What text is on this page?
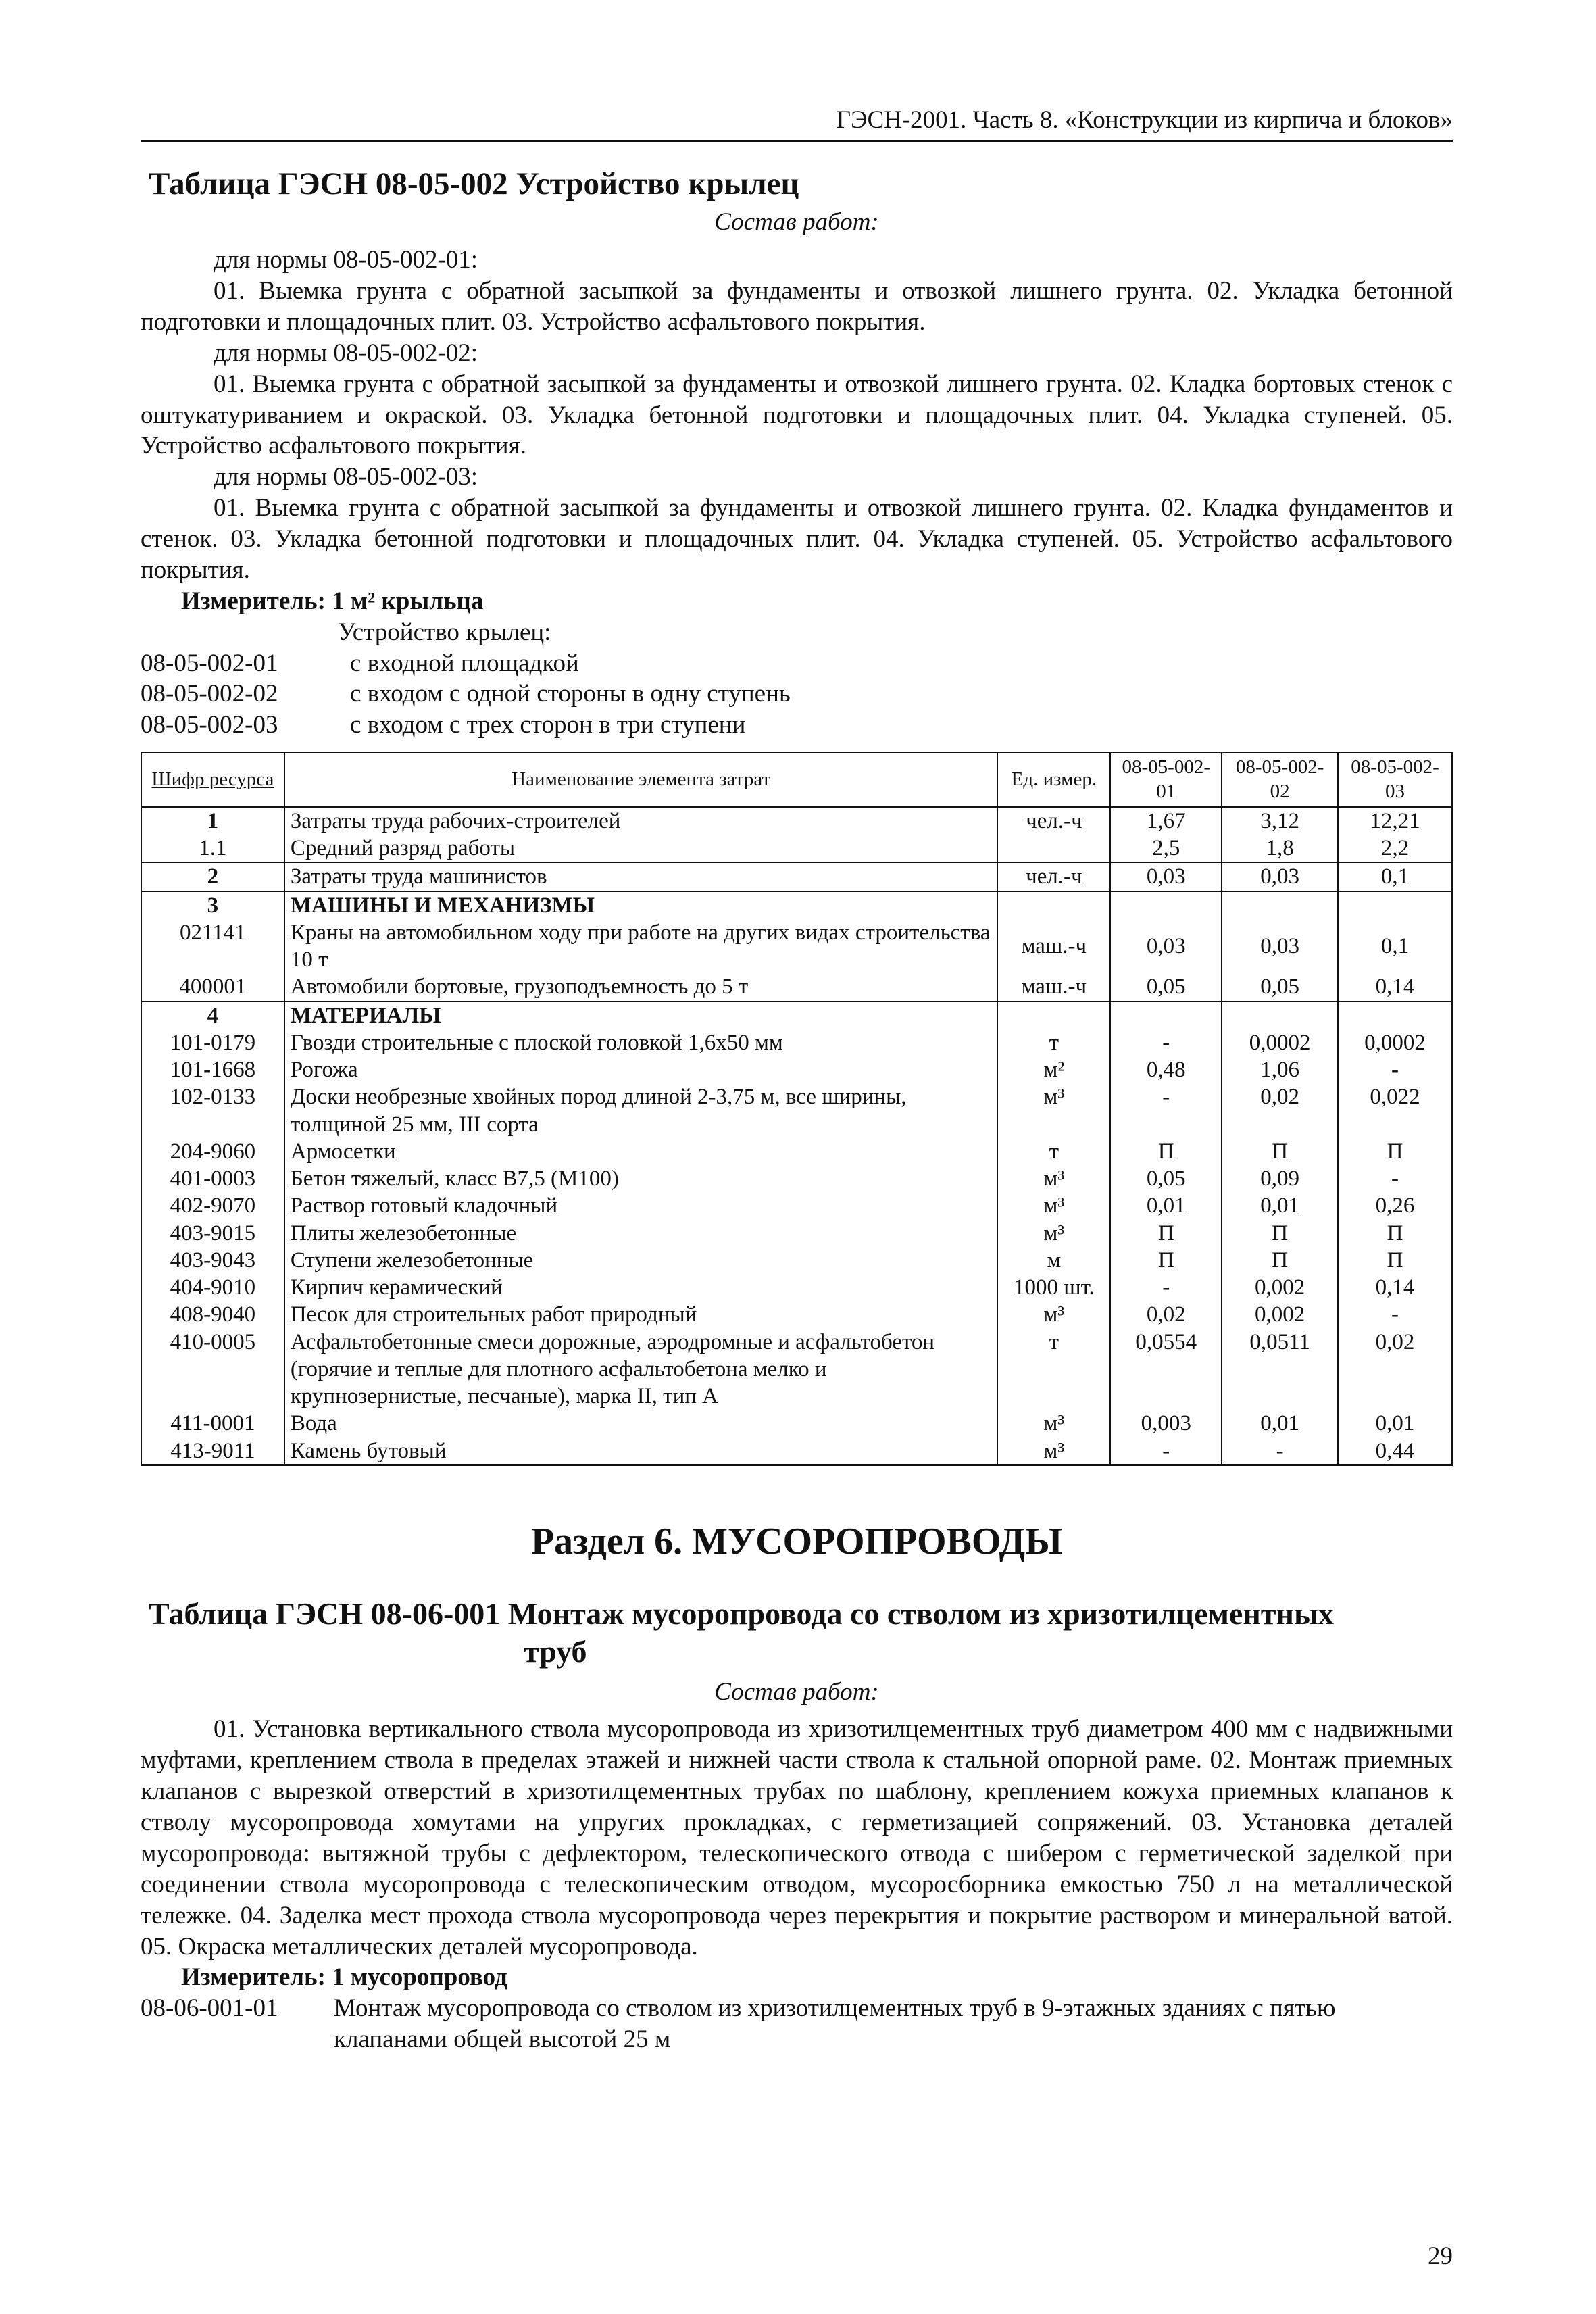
ГЭСН-2001. Часть 8. «Конструкции из кирпича и блоков»
Таблица ГЭСН 08-05-002 Устройство крылец
Состав работ:

для нормы 08-05-002-01:

01. Выемка грунта с обратной засыпкой за фундаменты и отвозкой лишнего грунта. 02. Укладка бетонной подготовки и площадочных плит. 03. Устройство асфальтового покрытия.

для нормы 08-05-002-02:

01. Выемка грунта с обратной засыпкой за фундаменты и отвозкой лишнего грунта. 02. Кладка бортовых стенок с оштукатуриванием и окраской. 03. Укладка бетонной подготовки и площадочных плит. 04. Укладка ступеней. 05. Устройство асфальтового покрытия.

для нормы 08-05-002-03:

01. Выемка грунта с обратной засыпкой за фундаменты и отвозкой лишнего грунта. 02. Кладка фундаментов и стенок. 03. Укладка бетонной подготовки и площадочных плит. 04. Укладка ступеней. 05. Устройство асфальтового покрытия.

Измеритель: 1 м² крыльца

Устройство крылец:

08-05-002-01	с входной площадкой
08-05-002-02	с входом с одной стороны в одну ступень
08-05-002-03	с входом с трех сторон в три ступени
Шифр ресурса	Наименование элемента затрат	Ед. измер.	08-05-002-01	08-05-002-02	08-05-002-03
1	Затраты труда рабочих-строителей	чел.-ч	1,67	3,12	12,21
1.1	Средний разряд работы		2,5	1,8	2,2
2	Затраты труда машинистов	чел.-ч	0,03	0,03	0,1
3	МАШИНЫ И МЕХАНИЗМЫ				
021141	Краны на автомобильном ходу при работе на других видах строительства 10 т	маш.-ч	0,03	0,03	0,1
400001	Автомобили бортовые, грузоподъемность до 5 т	маш.-ч	0,05	0,05	0,14
4	МАТЕРИАЛЫ				
101-0179	Гвозди строительные с плоской головкой 1,6х50 мм	т	-	0,0002	0,0002
101-1668	Рогожа	м²	0,48	1,06	-
102-0133	Доски необрезные хвойных пород длиной 2-3,75 м, все ширины, толщиной 25 мм, III сорта	м³	-	0,02	0,022
204-9060	Армосетки	т	П	П	П
401-0003	Бетон тяжелый, класс В7,5 (М100)	м³	0,05	0,09	-
402-9070	Раствор готовый кладочный	м³	0,01	0,01	0,26
403-9015	Плиты железобетонные	м³	П	П	П
403-9043	Ступени железобетонные	м	П	П	П
404-9010	Кирпич керамический	1000 шт.	-	0,002	0,14
408-9040	Песок для строительных работ природный	м³	0,02	0,002	-
410-0005	Асфальтобетонные смеси дорожные, аэродромные и асфальтобетон (горячие и теплые для плотного асфальтобетона мелко и крупнозернистые, песчаные), марка II, тип А	т	0,0554	0,0511	0,02
411-0001	Вода	м³	0,003	0,01	0,01
413-9011	Камень бутовый	м³	-	-	0,44
Раздел 6. МУСОРОПРОВОДЫ
Таблица ГЭСН 08-06-001 Монтаж мусоропровода со стволом из хризотилцементных
труб
Состав работ:

01. Установка вертикального ствола мусоропровода из хризотилцементных труб диаметром 400 мм с надвижными муфтами, креплением ствола в пределах этажей и нижней части ствола к стальной опорной раме. 02. Монтаж приемных клапанов с вырезкой отверстий в хризотилцементных трубах по шаблону, креплением кожуха приемных клапанов к стволу мусоропровода хомутами на упругих прокладках, с герметизацией сопряжений. 03. Установка деталей мусоропровода: вытяжной трубы с дефлектором, телескопического отвода с шибером с герметической заделкой при соединении ствола мусоропровода с телескопическим отводом, мусоросборника емкостью 750 л на металлической тележке. 04. Заделка мест прохода ствола мусоропровода через перекрытия и покрытие раствором и минеральной ватой. 05. Окраска металлических деталей мусоропровода.

Измеритель: 1 мусоропровод

08-06-001-01	Монтаж мусоропровода со стволом из хризотилцементных труб в 9-этажных зданиях с пятью клапанами общей высотой 25 м
29
